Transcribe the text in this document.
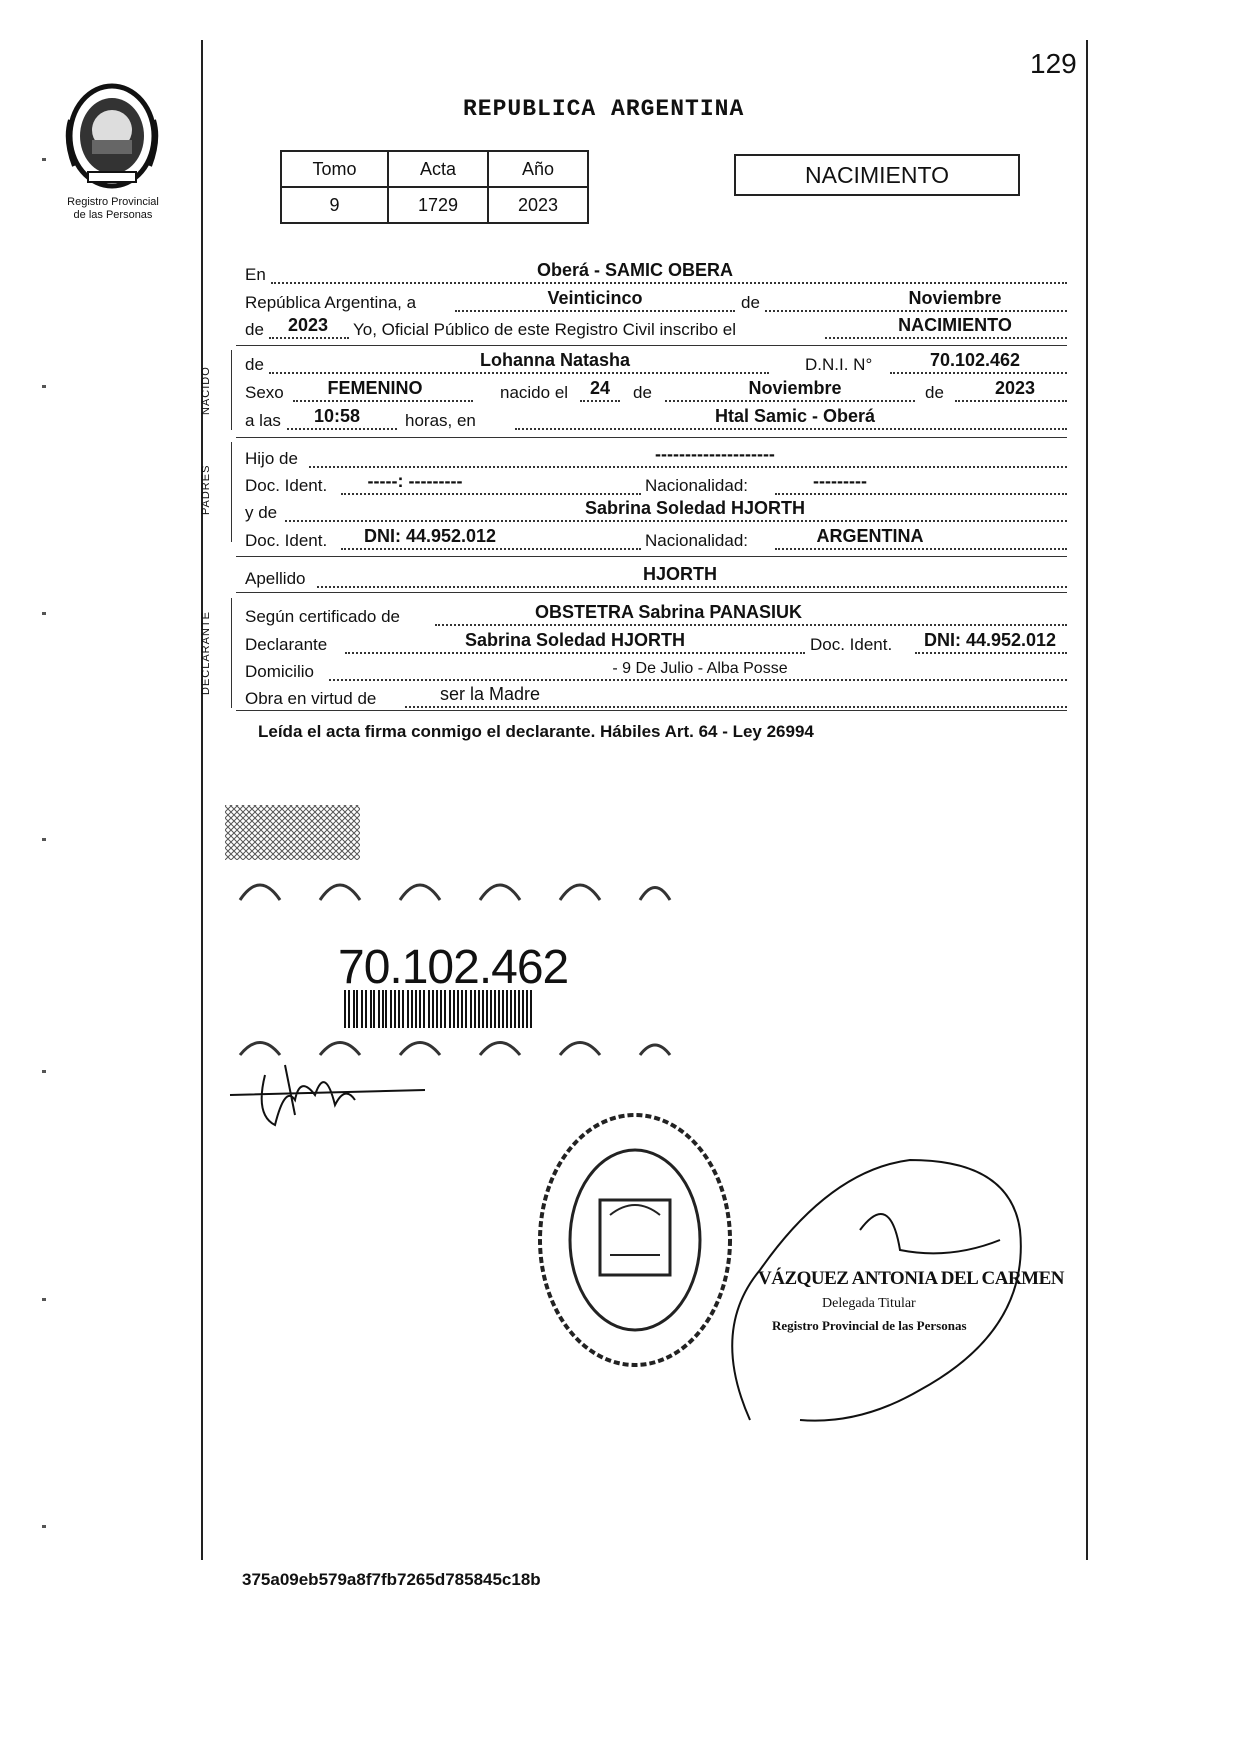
129
Registro Provincial
de las Personas
REPUBLICA ARGENTINA
Tomo	Acta	Año
9	1729	2023
NACIMIENTO
En	Oberá - SAMIC OBERA
República Argentina, a	Veinticinco	de	Noviembre
de	2023	Yo, Oficial Público de este Registro Civil inscribo el	NACIMIENTO
NACIDO
de	Lohanna Natasha	D.N.I. N°	70.102.462
Sexo	FEMENINO	nacido el	24	de	Noviembre	de	2023
a las	10:58	horas, en	Htal Samic - Oberá
PADRES
Hijo de	--------------------
Doc. Ident.	-----: ---------	Nacionalidad:	---------
y de	Sabrina Soledad HJORTH
Doc. Ident.	DNI: 44.952.012	Nacionalidad:	ARGENTINA
Apellido	HJORTH
DECLARANTE	Según certificado de	OBSTETRA Sabrina PANASIUK
Declarante	Sabrina Soledad HJORTH	Doc. Ident.	DNI: 44.952.012
Domicilio	- 9 De Julio - Alba Posse
Obra en virtud de	ser la Madre
Leída el acta firma conmigo el declarante. Hábiles Art. 64 - Ley 26994
70.102.462
VÁZQUEZ ANTONIA DEL CARMEN
Delegada Titular
Registro Provincial de las Personas
375a09eb579a8f7fb7265d785845c18b
